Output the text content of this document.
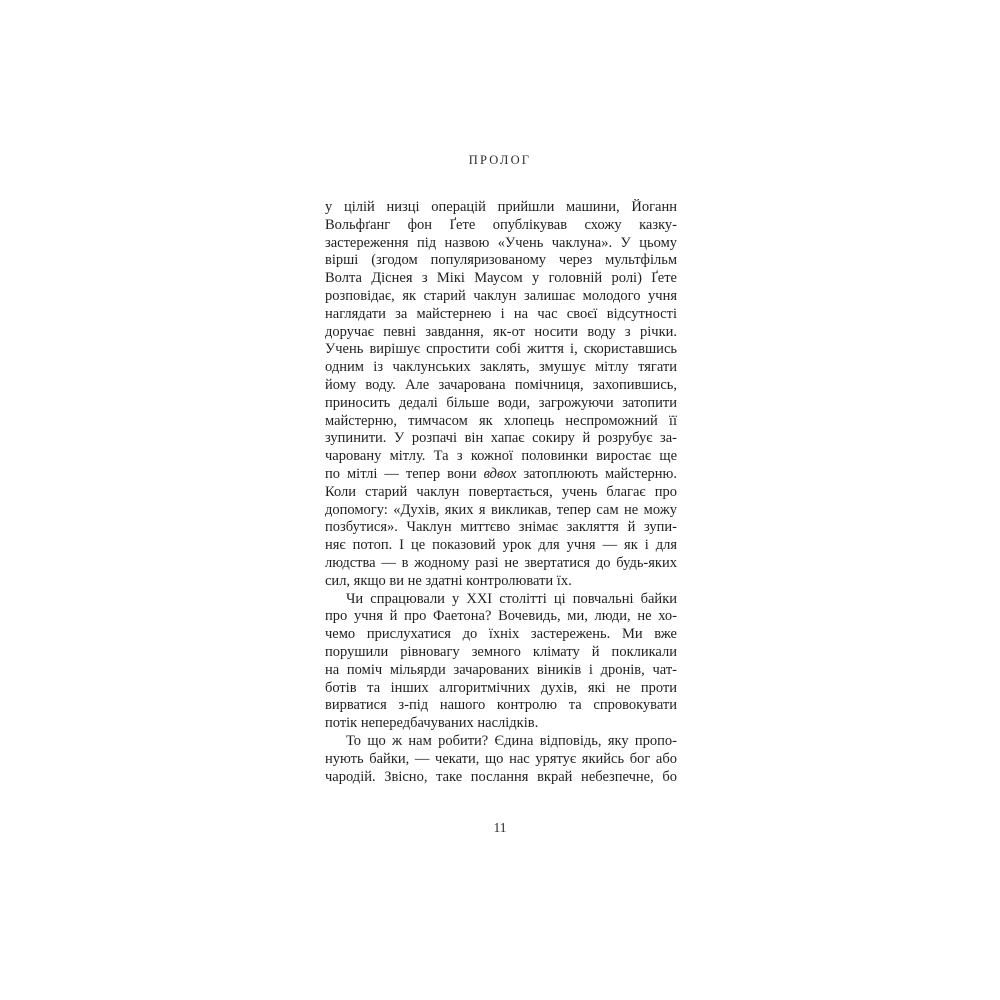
ПРОЛОГ
у цілій низці операцій прийшли машини, Йоганн
Вольфґанг фон Ґете опублікував схожу казку-
застереження під назвою «Учень чаклуна». У цьому
вірші (згодом популяризованому через мультфільм
Волта Діснея з Мікі Маусом у головній ролі) Ґете
розповідає, як старий чаклун залишає молодого учня
наглядати за майстернею і на час своєї відсутності
доручає певні завдання, як-от носити воду з річки.
Учень вирішує спростити собі життя і, скориставшись
одним із чаклунських заклять, змушує мітлу тягати
йому воду. Але зачарована помічниця, захопившись,
приносить дедалі більше води, загрожуючи затопити
майстерню, тимчасом як хлопець неспроможний її
зупинити. У розпачі він хапає сокиру й розрубує за-
чаровану мітлу. Та з кожної половинки виростає ще
по мітлі — тепер вони вдвох затоплюють майстерню.
Коли старий чаклун повертається, учень благає про
допомогу: «Духів, яких я викликав, тепер сам не можу
позбутися». Чаклун миттєво знімає закляття й зупи-
няє потоп. І це показовий урок для учня — як і для
людства — в жодному разі не звертатися до будь-яких
сил, якщо ви не здатні контролювати їх.
Чи спрацювали у XXI столітті ці повчальні байки
про учня й про Фаетона? Вочевидь, ми, люди, не хо-
чемо прислухатися до їхніх застережень. Ми вже
порушили рівновагу земного клімату й покликали
на поміч мільярди зачарованих віників і дронів, чат-
ботів та інших алгоритмічних духів, які не проти
вирватися з-під нашого контролю та спровокувати
потік непередбачуваних наслідків.
То що ж нам робити? Єдина відповідь, яку пропо-
нують байки, — чекати, що нас урятує якийсь бог або
чародій. Звісно, таке послання вкрай небезпечне, бо
11
